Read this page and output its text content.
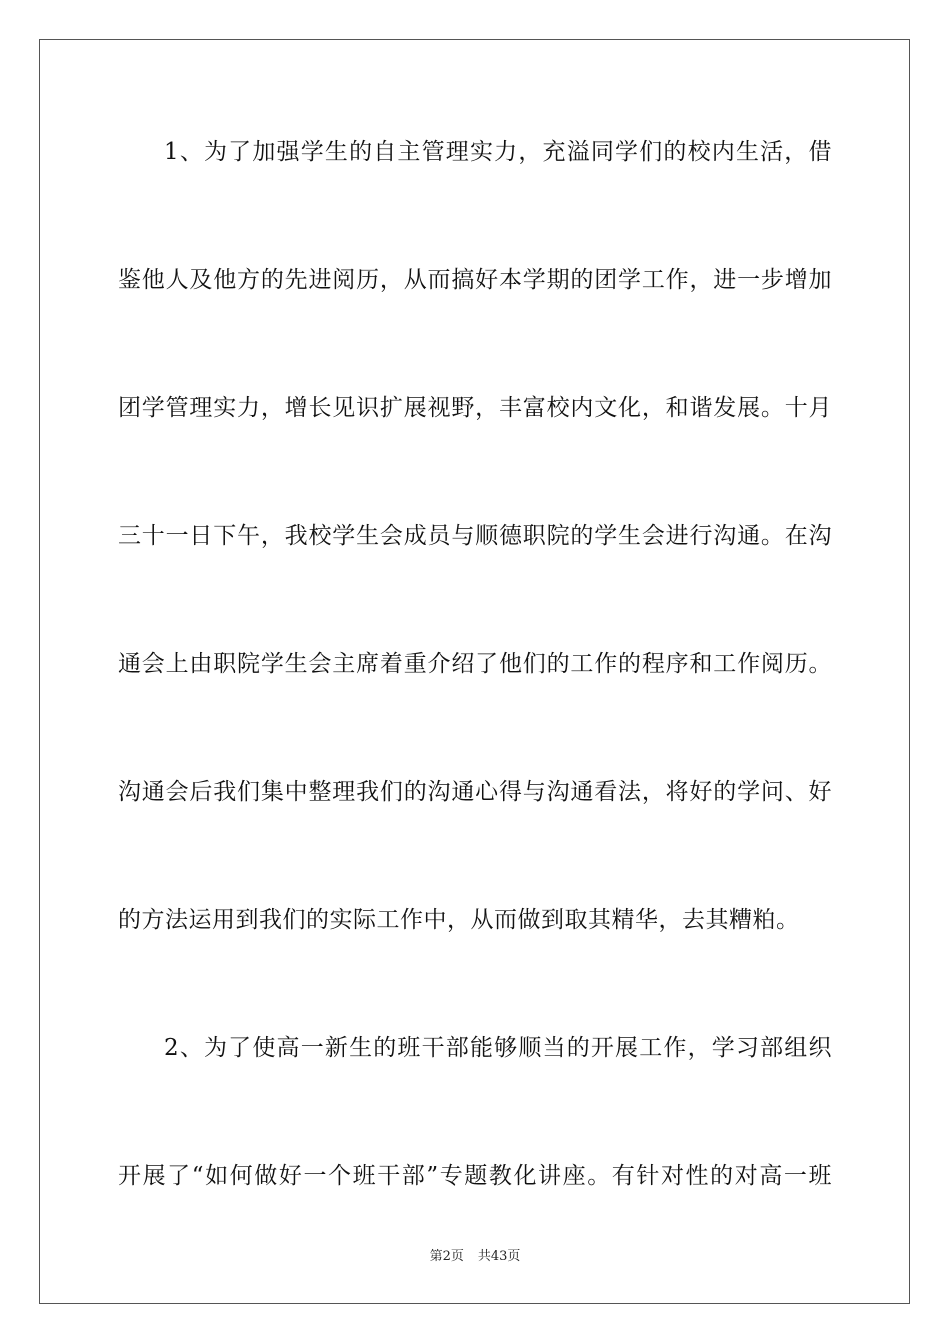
1、为了加强学生的自主管理实力，充溢同学们的校内生活，借
鉴他人及他方的先进阅历，从而搞好本学期的团学工作，进一步增加
团学管理实力，增长见识扩展视野，丰富校内文化，和谐发展。十月
三十一日下午，我校学生会成员与顺德职院的学生会进行沟通。在沟
通会上由职院学生会主席着重介绍了他们的工作的程序和工作阅历。
沟通会后我们集中整理我们的沟通心得与沟通看法，将好的学问、好
的方法运用到我们的实际工作中，从而做到取其精华，去其糟粕。
2、为了使高一新生的班干部能够顺当的开展工作，学习部组织
开展了“如何做好一个班干部”专题教化讲座。有针对性的对高一班
第2页 共43页
